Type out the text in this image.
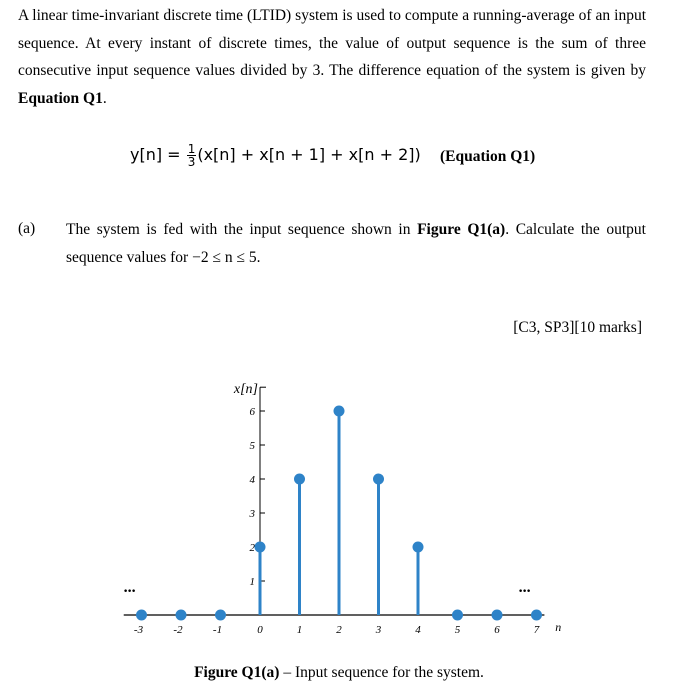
A linear time-invariant discrete time (LTID) system is used to compute a running-average of an input sequence. At every instant of discrete times, the value of output sequence is the sum of three consecutive input sequence values divided by 3. The difference equation of the system is given by Equation Q1.
$y[n] = \frac{1}{3} (x[n] + x[n + 1] + x[n + 2])$ (Equation Q1)
(a) The system is fed with the input sequence shown in Figure Q1(a). Calculate the output sequence values for −2 ≤ n ≤ 5.
[C3, SP3][10 marks]
1
2
3
4
5
6
x[n]
-3	-2	-1	0	1	2	3	4	5	6	7 n
...	...
Figure Q1(a) – Input sequence for the system.
